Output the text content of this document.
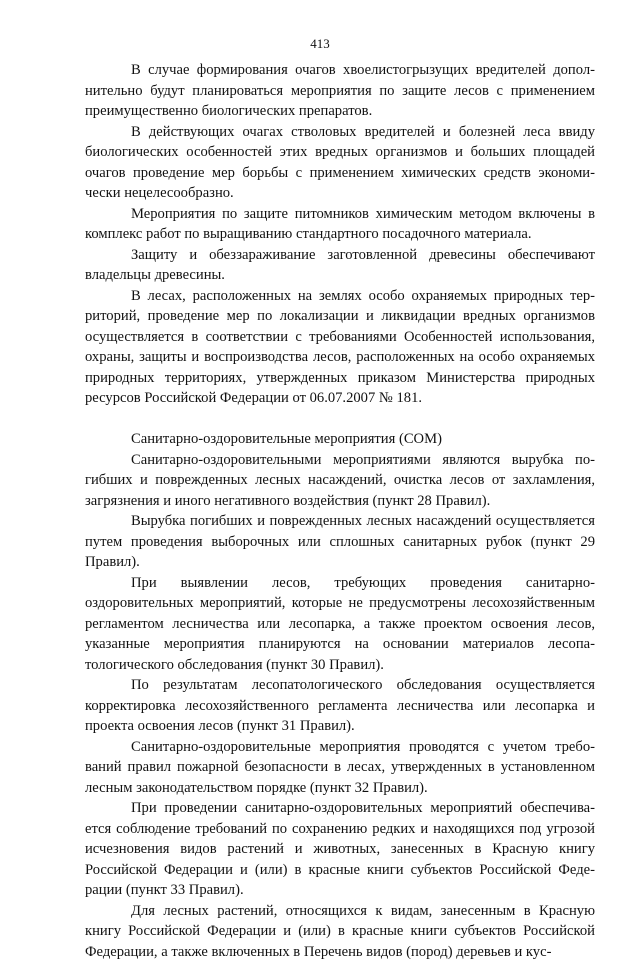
413

В случае формирования очагов хвоелистогрызущих вредителей дополнительно будут планироваться мероприятия по защите лесов с применением преимущественно биологических препаратов.

В действующих очагах стволовых вредителей и болезней леса ввиду биологических особенностей этих вредных организмов и больших площадей очагов проведение мер борьбы с применением химических средств экономически нецелесообразно.

Мероприятия по защите питомников химическим методом включены в комплекс работ по выращиванию стандартного посадочного материала.

Защиту и обеззараживание заготовленной древесины обеспечивают владельцы древесины.

В лесах, расположенных на землях особо охраняемых природных территорий, проведение мер по локализации и ликвидации вредных организмов осуществляется в соответствии с требованиями Особенностей использования, охраны, защиты и воспроизводства лесов, расположенных на особо охраняемых природных территориях, утвержденных приказом Министерства природных ресурсов Российской Федерации от 06.07.2007 № 181.

Санитарно-оздоровительные мероприятия (СОМ)

Санитарно-оздоровительными мероприятиями являются вырубка погибших и поврежденных лесных насаждений, очистка лесов от захламления, загрязнения и иного негативного воздействия (пункт 28 Правил).

Вырубка погибших и поврежденных лесных насаждений осуществляется путем проведения выборочных или сплошных санитарных рубок (пункт 29 Правил).

При выявлении лесов, требующих проведения санитарно-оздоровительных мероприятий, которые не предусмотрены лесохозяйственным регламентом лесничества или лесопарка, а также проектом освоения лесов, указанные мероприятия планируются на основании материалов лесопатологического обследования (пункт 30 Правил).

По результатам лесопатологического обследования осуществляется корректировка лесохозяйственного регламента лесничества или лесопарка и проекта освоения лесов (пункт 31 Правил).

Санитарно-оздоровительные мероприятия проводятся с учетом требований правил пожарной безопасности в лесах, утвержденных в установленном лесным законодательством порядке (пункт 32 Правил).

При проведении санитарно-оздоровительных мероприятий обеспечивается соблюдение требований по сохранению редких и находящихся под угрозой исчезновения видов растений и животных, занесенных в Красную книгу Российской Федерации и (или) в красные книги субъектов Российской Федерации (пункт 33 Правил).

Для лесных растений, относящихся к видам, занесенным в Красную книгу Российской Федерации и (или) в красные книги субъектов Российской Федерации, а также включенных в Перечень видов (пород) деревьев и кус-
